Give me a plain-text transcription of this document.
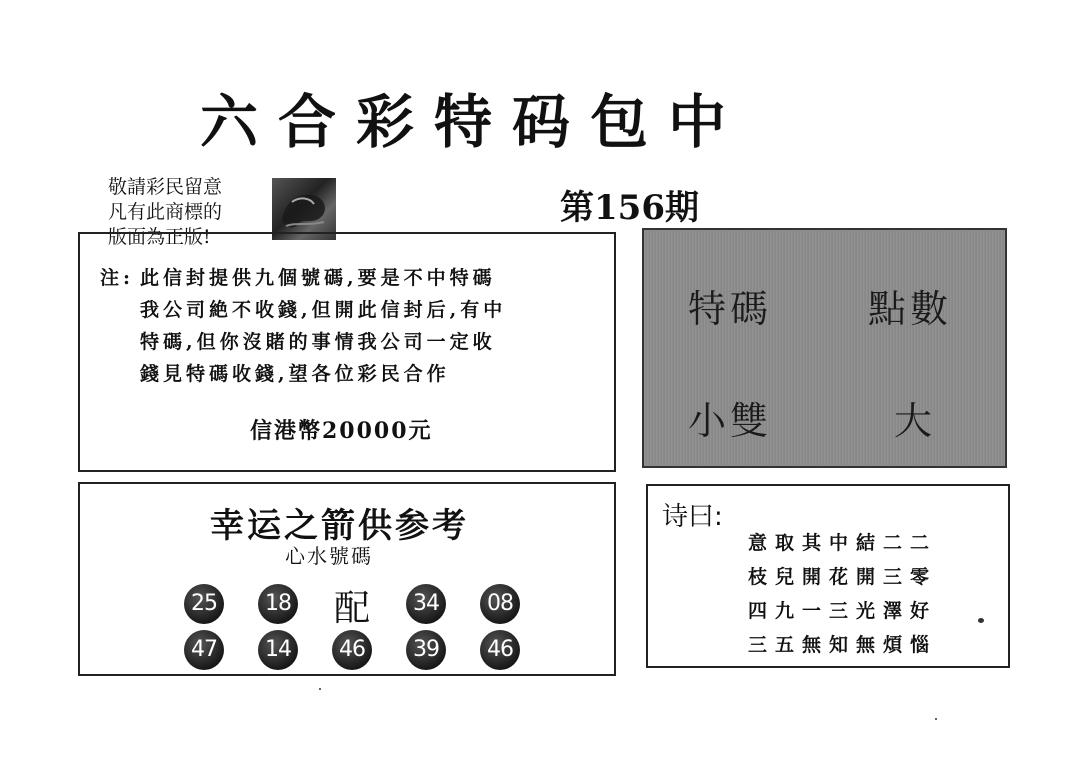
六合彩特码包中
敬請彩民留意
凡有此商標的
版面為正版!
第156期
注: 此信封提供九個號碼,要是不中特碼
我公司絶不收錢,但開此信封后,有中
特碼,但你沒賭的事情我公司一定收
錢見特碼收錢,望各位彩民合作
信港幣20000元
特碼	點數
小雙	大
幸运之箭供参考
心水號碼
25	18 配	34	08
47	14	46	39	46
诗曰:
意取其中結二二
枝兒開花開三零
四九一三光澤好
三五無知無煩惱
